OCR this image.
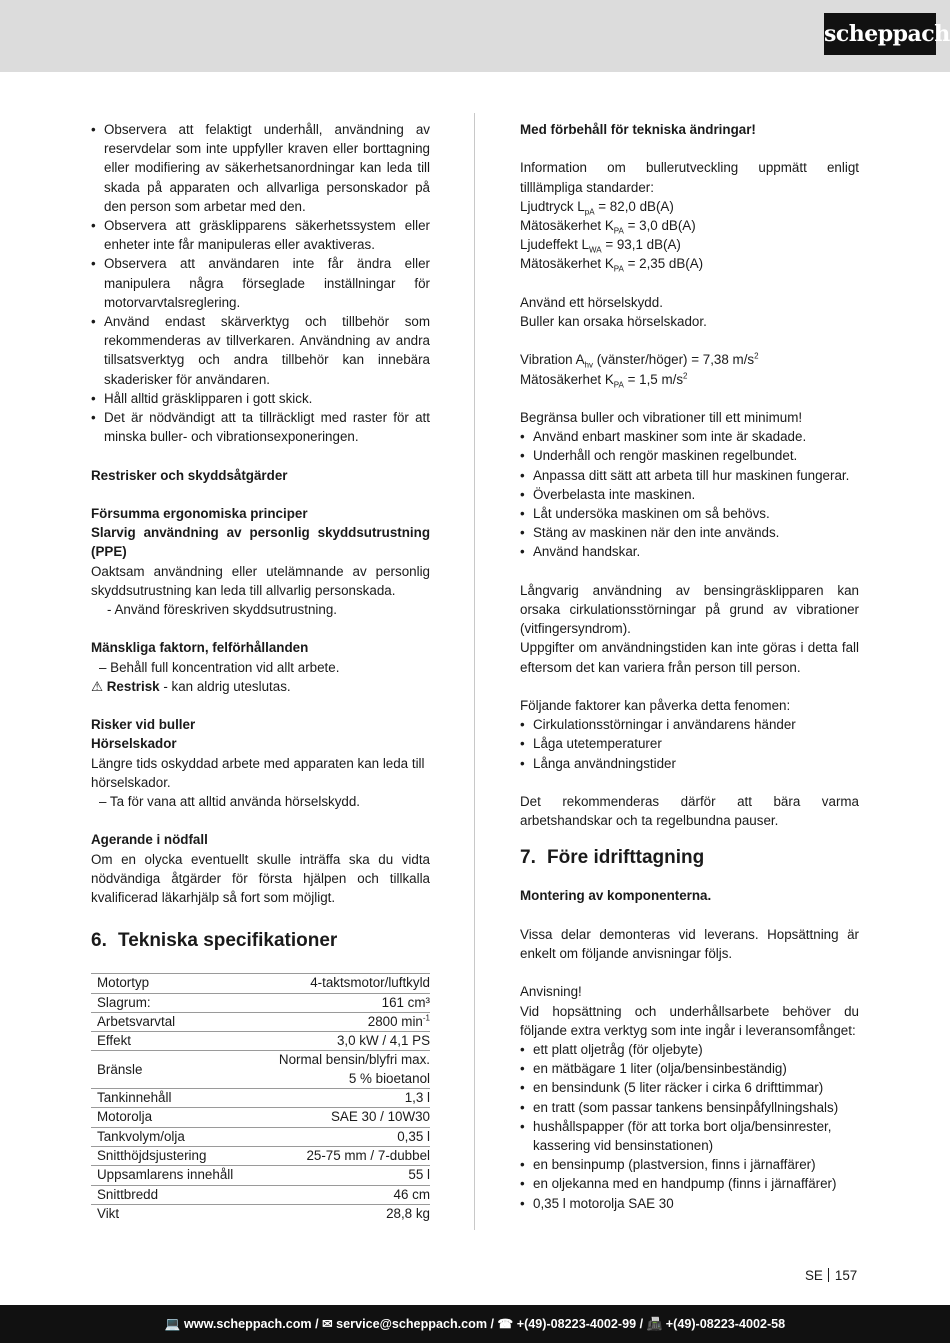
scheppach
• Observera att felaktigt underhåll, användning av reservdelar som inte uppfyller kraven eller borttagning eller modifiering av säkerhetsanordningar kan leda till skada på apparaten och allvarliga personskador på den person som arbetar med den.
• Observera att gräsklipparens säkerhetssystem eller enheter inte får manipuleras eller avaktiveras.
• Observera att användaren inte får ändra eller manipulera några förseglade inställningar för motorvarvtalsreglering.
• Använd endast skärverktyg och tillbehör som rekommenderas av tillverkaren. Användning av andra tillsatsverktyg och andra tillbehör kan innebära skaderisker för användaren.
• Håll alltid gräsklipparen i gott skick.
• Det är nödvändigt att ta tillräckligt med raster för att minska buller- och vibrationsexponeringen.

Restrisker och skyddsåtgärder

Försumma ergonomiska principer

Slarvig användning av personlig skyddsutrustning (PPE)

Oaktsam användning eller utelämnande av personlig skyddsutrustning kan leda till allvarlig personskada.

- Använd föreskriven skyddsutrustning.

Mänskliga faktorn, felförhållanden

– Behåll full koncentration vid allt arbete.

⚠ Restrisk - kan aldrig uteslutas.

Risker vid buller

Hörselskador

Längre tids oskyddad arbete med apparaten kan leda till hörselskador.

– Ta för vana att alltid använda hörselskydd.

Agerande i nödfall

Om en olycka eventuellt skulle inträffa ska du vidta nödvändiga åtgärder för första hjälpen och tillkalla kvalificerad läkarhjälp så fort som möjligt.

6. Tekniska specifikationer
Motortyp	4-taktsmotor/luftkyld
Slagrum:	161 cm³
Arbetsvarvtal	2800 $\min^{-1}$
Effekt	3,0 kW / 4,1 PS
Bränsle	Normal bensin/blyfri max.
5 % bioetanol

Tankinnehåll	1,3 l
Motorolja	SAE 30 / 10W30
Tankvolym/olja	0,35 l
Snitthöjdsjustering	25-75 mm / 7-dubbel
Uppsamlarens innehåll	55 l
Snittbredd	46 cm
Vikt	28,8 kg

Med förbehåll för tekniska ändringar!

Information om bullerutveckling uppmätt enligt tilllämpliga standarder:

Ljudtryck $L_{pA} = 82,0$ dB(A)

Mätosäkerhet $K_{PA} = 3,0$ dB(A)

Ljudeffekt $L_{WA} = 93,1$ dB(A)

Mätosäkerhet $K_{PA} = 2,35$ dB(A)

Använd ett hörselskydd.

Buller kan orsaka hörselskador.

Vibration $A_{hv}$ (vänster/höger) = 7,38 $m/s^2$

Mätosäkerhet $K_{PA} = 1,5$ $m/s^2$

Begränsa buller och vibrationer till ett minimum!

• Använd enbart maskiner som inte är skadade.
• Underhåll och rengör maskinen regelbundet.
• Anpassa ditt sätt att arbeta till hur maskinen fungerar.
• Överbelasta inte maskinen.
• Låt undersöka maskinen om så behövs.
• Stäng av maskinen när den inte används.
• Använd handskar.

Långvarig användning av bensingräsklipparen kan orsaka cirkulationsstörningar på grund av vibrationer (vitfingersyndrom).

Uppgifter om användningstiden kan inte göras i detta fall eftersom det kan variera från person till person.

Följande faktorer kan påverka detta fenomen:

• Cirkulationsstörningar i användarens händer
• Låga utetemperaturer
• Långa användningstider

Det rekommenderas därför att bära varma arbetshandskar och ta regelbundna pauser.

7. Före idrifttagning

Montering av komponenterna.

Vissa delar demonteras vid leverans. Hopsättning är enkelt om följande anvisningar följs.

Anvisning!

Vid hopsättning och underhållsarbete behöver du följande extra verktyg som inte ingår i leveransomfånget:

• ett platt oljetråg (för oljebyte)
• en mätbägare 1 liter (olja/bensinbeständig)
• en bensindunk (5 liter räcker i cirka 6 drifttimmar)
• en tratt (som passar tankens bensinpåfyllningshals)
• hushållspapper (för att torka bort olja/bensinrester, kassering vid bensinstationen)
• en bensinpump (plastversion, finns i järnaffärer)
• en oljekanna med en handpump (finns i järnaffärer)
• 0,35 l motorolja SAE 30
SE 157
💻 www.scheppach.com / ✉ service@scheppach.com / ☎ +(49)-08223-4002-99 / 📠 +(49)-08223-4002-58
